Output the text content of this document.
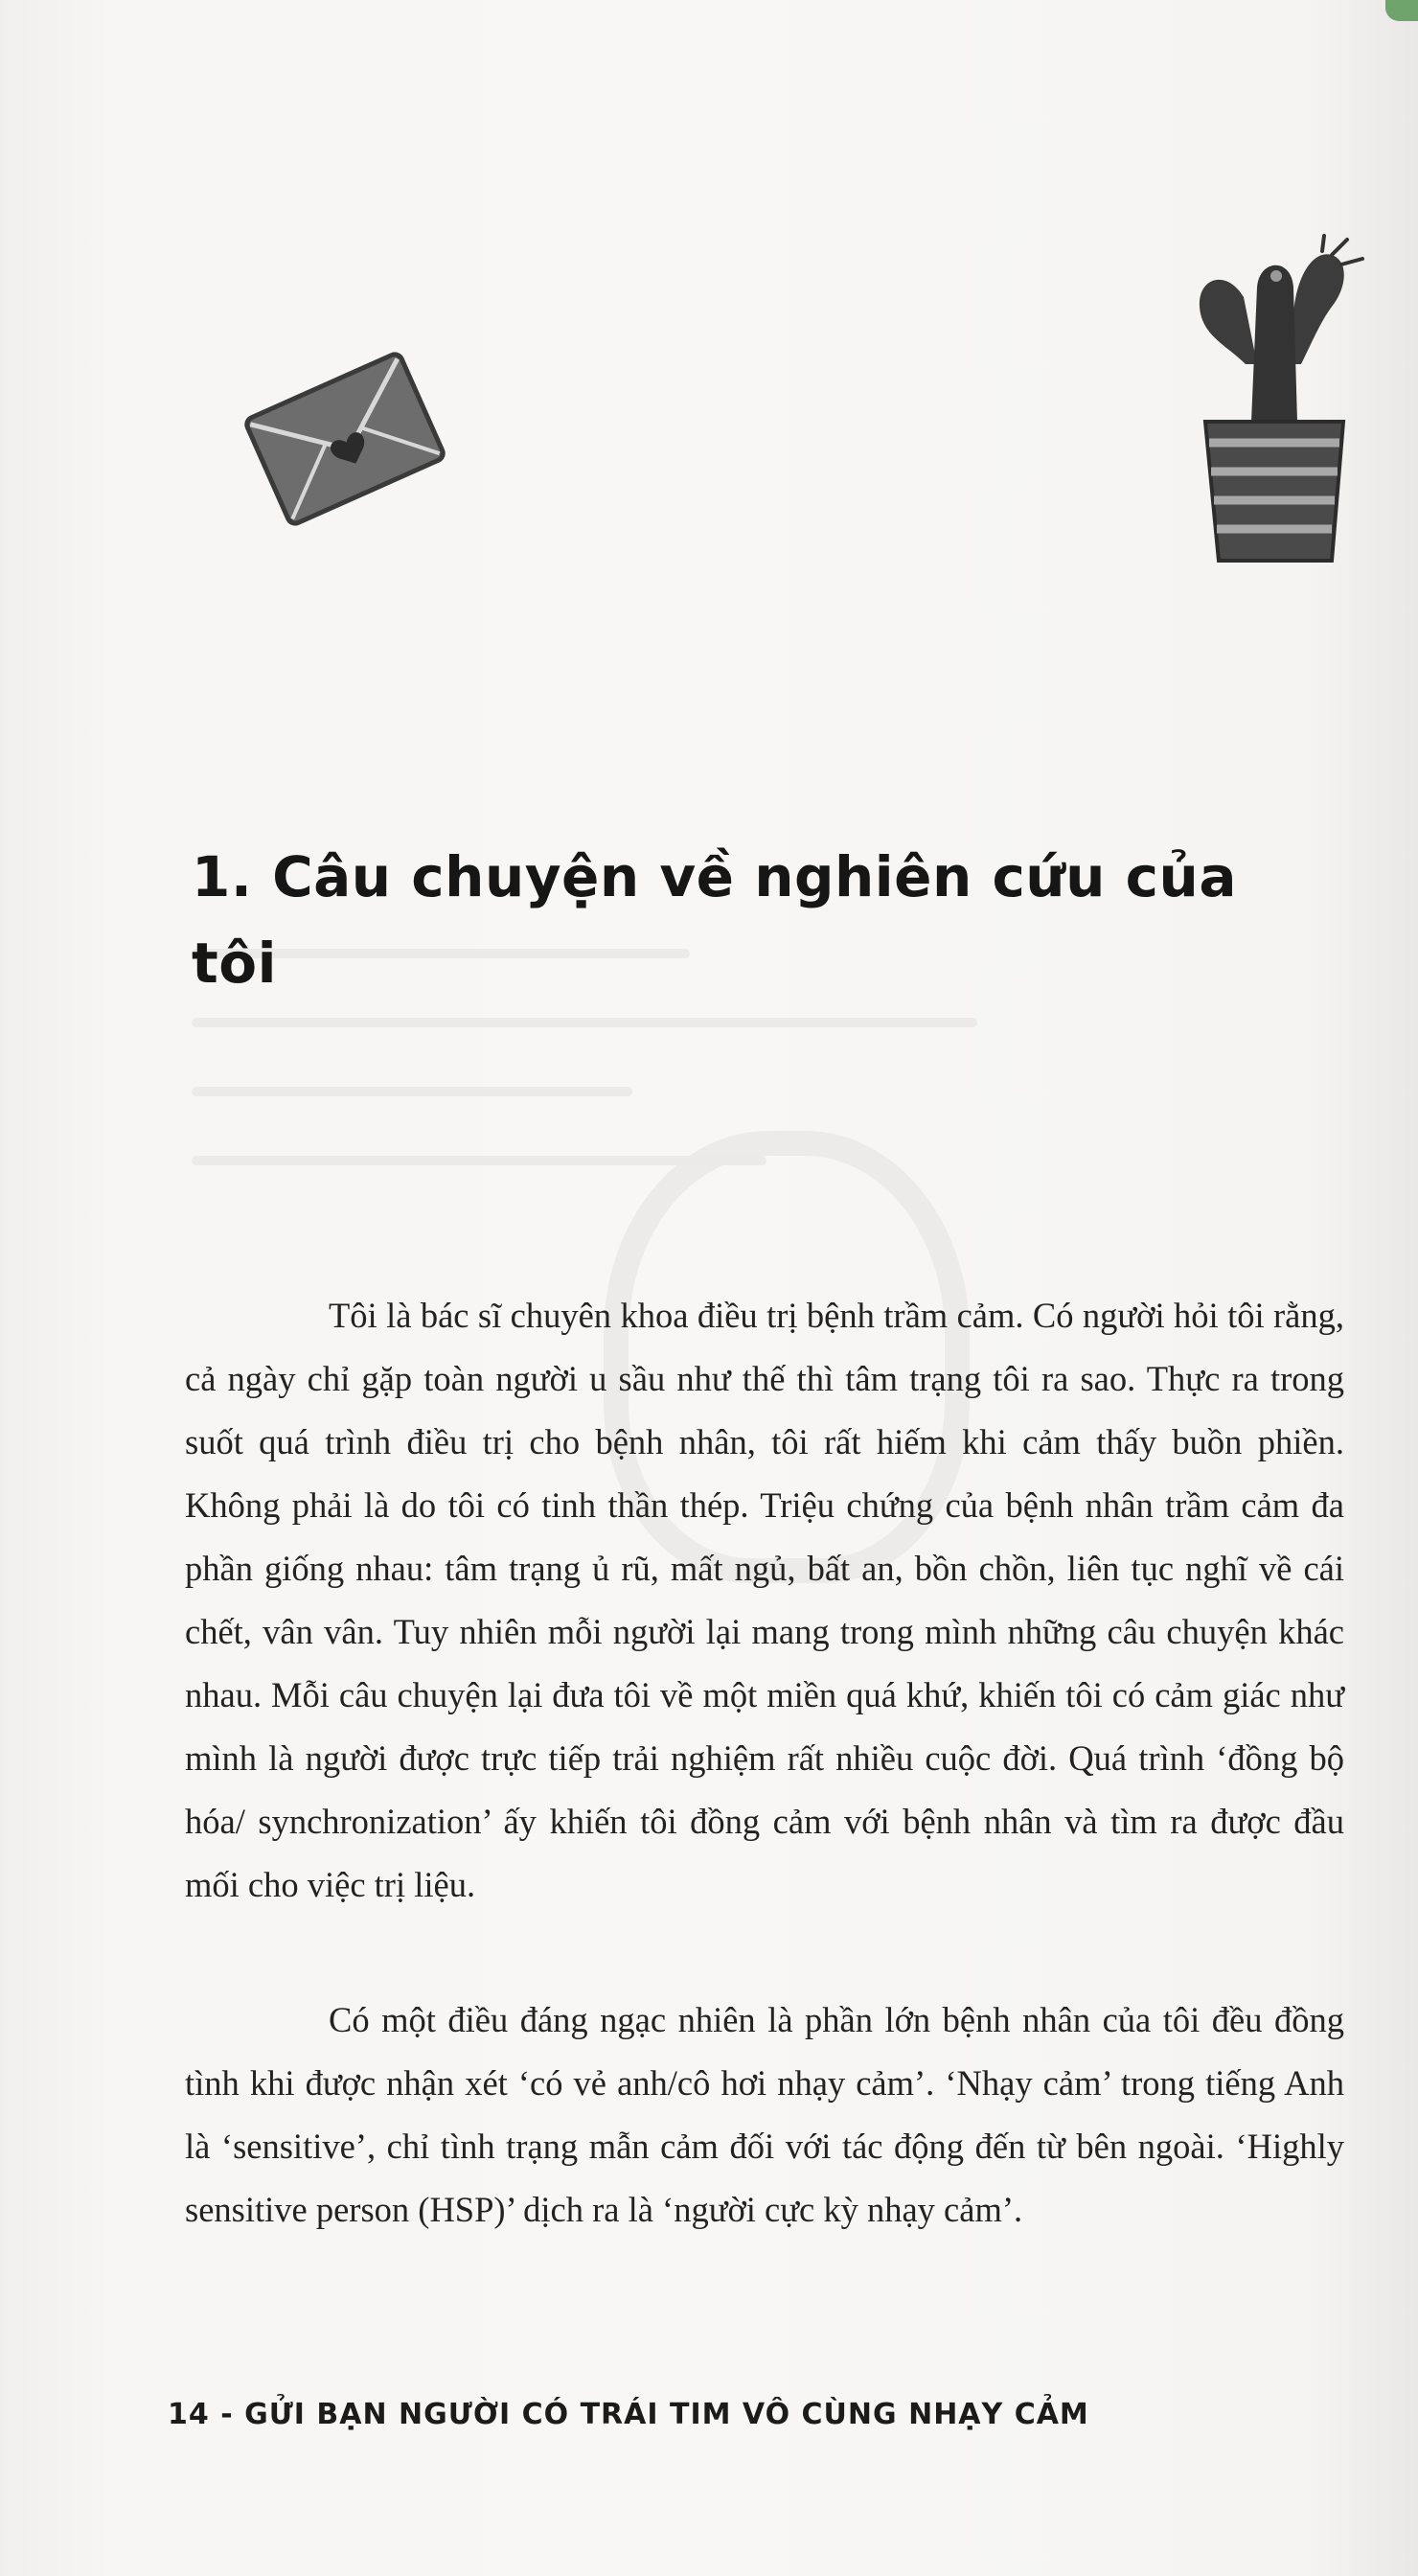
1. Câu chuyện về nghiên cứu của tôi

Tôi là bác sĩ chuyên khoa điều trị bệnh trầm cảm. Có người hỏi tôi rằng, cả ngày chỉ gặp toàn người u sầu như thế thì tâm trạng tôi ra sao. Thực ra trong suốt quá trình điều trị cho bệnh nhân, tôi rất hiếm khi cảm thấy buồn phiền. Không phải là do tôi có tinh thần thép. Triệu chứng của bệnh nhân trầm cảm đa phần giống nhau: tâm trạng ủ rũ, mất ngủ, bất an, bồn chồn, liên tục nghĩ về cái chết, vân vân. Tuy nhiên mỗi người lại mang trong mình những câu chuyện khác nhau. Mỗi câu chuyện lại đưa tôi về một miền quá khứ, khiến tôi có cảm giác như mình là người được trực tiếp trải nghiệm rất nhiều cuộc đời. Quá trình ‘đồng bộ hóa/ synchronization’ ấy khiến tôi đồng cảm với bệnh nhân và tìm ra được đầu mối cho việc trị liệu.

Có một điều đáng ngạc nhiên là phần lớn bệnh nhân của tôi đều đồng tình khi được nhận xét ‘có vẻ anh/cô hơi nhạy cảm’. ‘Nhạy cảm’ trong tiếng Anh là ‘sensitive’, chỉ tình trạng mẫn cảm đối với tác động đến từ bên ngoài. ‘Highly sensitive person (HSP)’ dịch ra là ‘người cực kỳ nhạy cảm’.

14 - GỬI BẠN NGƯỜI CÓ TRÁI TIM VÔ CÙNG NHẠY CẢM
